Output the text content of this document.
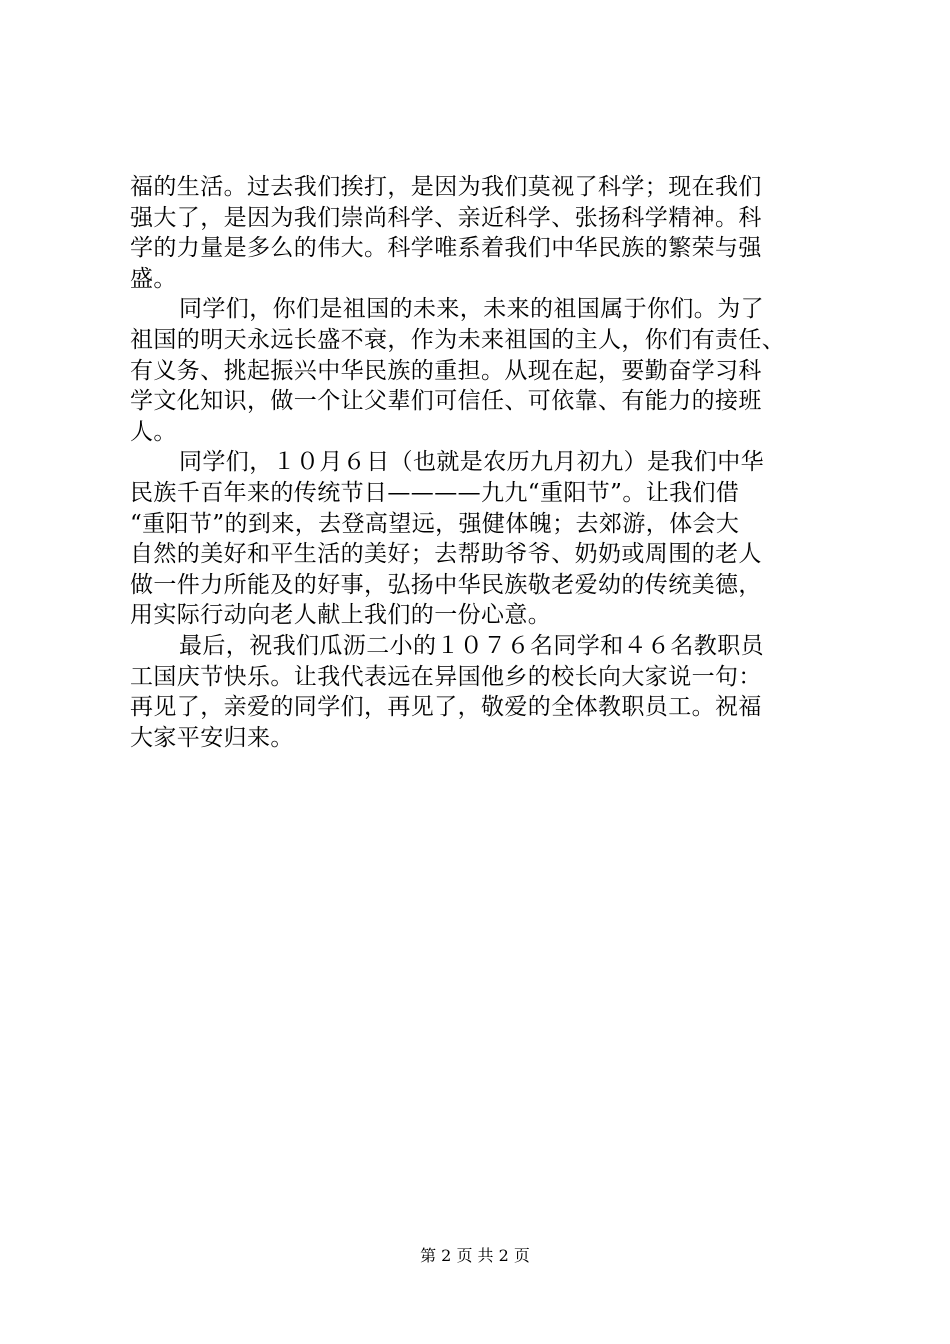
福的生活。过去我们挨打，是因为我们莫视了科学；现在我们
强大了，是因为我们崇尚科学、亲近科学、张扬科学精神。科
学的力量是多么的伟大。科学唯系着我们中华民族的繁荣与强
盛。
同学们，你们是祖国的未来，未来的祖国属于你们。为了
祖国的明天永远长盛不衰，作为未来祖国的主人，你们有责任、
有义务、挑起振兴中华民族的重担。从现在起，要勤奋学习科
学文化知识，做一个让父辈们可信任、可依靠、有能力的接班
人。
同学们，１０月６日（也就是农历九月初九）是我们中华
民族千百年来的传统节日————九九“重阳节”。让我们借
“重阳节”的到来，去登高望远，强健体魄；去郊游，体会大
自然的美好和平生活的美好；去帮助爷爷、奶奶或周围的老人
做一件力所能及的好事，弘扬中华民族敬老爱幼的传统美德，
用实际行动向老人献上我们的一份心意。
最后，祝我们瓜沥二小的１０７６名同学和４６名教职员
工国庆节快乐。让我代表远在异国他乡的校长向大家说一句：
再见了，亲爱的同学们，再见了，敬爱的全体教职员工。祝福
大家平安归来。
第 2 页 共 2 页
